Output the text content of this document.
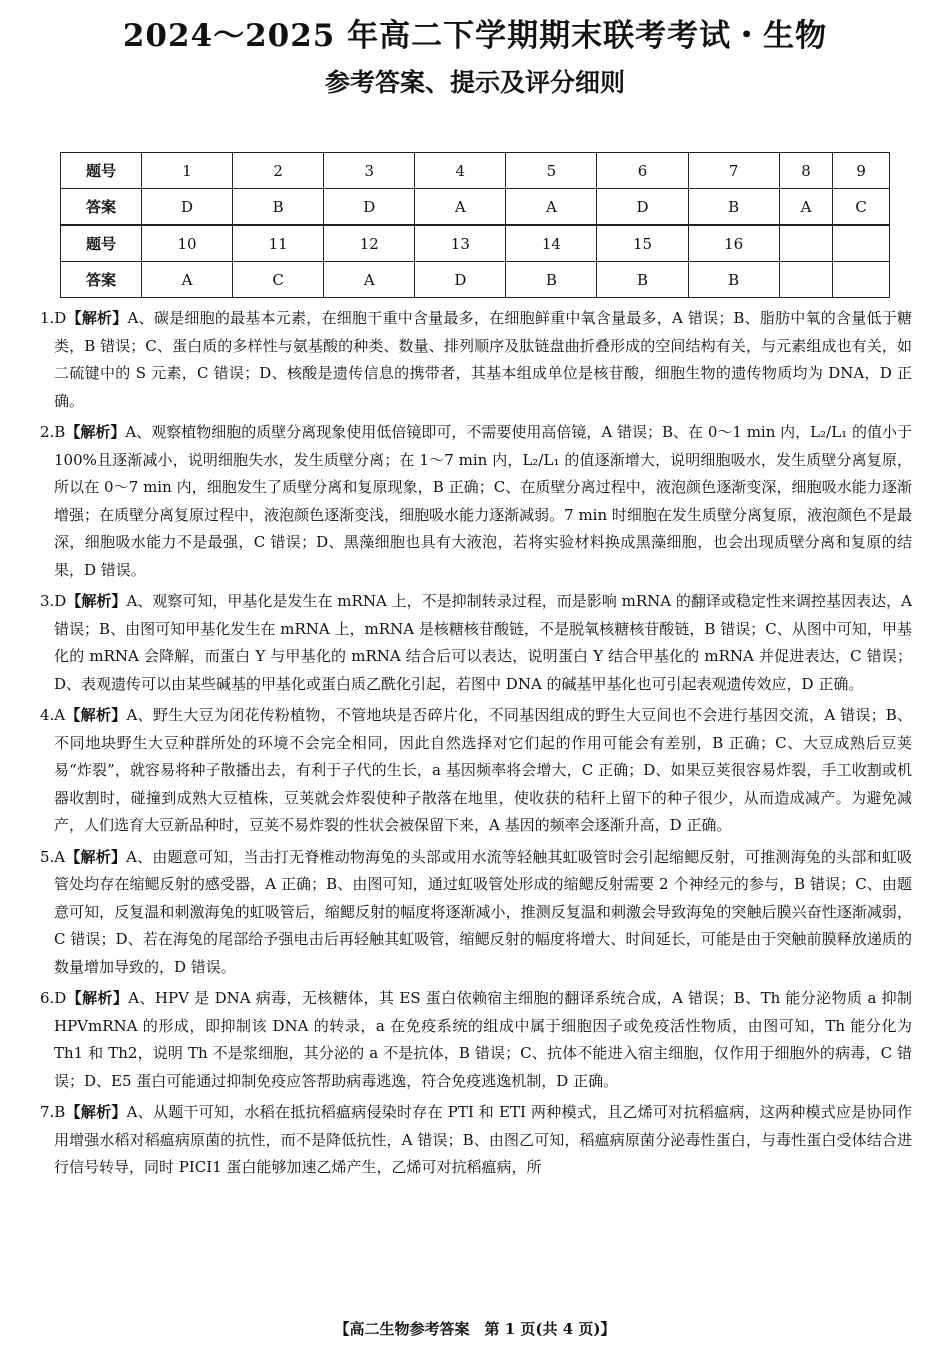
2024～2025 年高二下学期期末联考考试・生物
参考答案、提示及评分细则
题号	1	2	3	4	5	6	7	8	9
答案	D	B	D	A	A	D	B	A	C
题号	10	11	12	13	14	15	16		
答案	A	C	A	D	B	B	B		

1.D【解析】A、碳是细胞的最基本元素，在细胞干重中含量最多，在细胞鲜重中氧含量最多，A 错误；B、脂肪中氧的含量低于糖类，B 错误；C、蛋白质的多样性与氨基酸的种类、数量、排列顺序及肽链盘曲折叠形成的空间结构有关，与元素组成也有关，如二硫键中的 S 元素，C 错误；D、核酸是遗传信息的携带者，其基本组成单位是核苷酸，细胞生物的遗传物质均为 DNA，D 正确。

2.B【解析】A、观察植物细胞的质壁分离现象使用低倍镜即可，不需要使用高倍镜，A 错误；B、在 0～1 min 内，L₂/L₁ 的值小于 100%且逐渐减小，说明细胞失水，发生质壁分离；在 1～7 min 内，L₂/L₁ 的值逐渐增大，说明细胞吸水，发生质壁分离复原，所以在 0～7 min 内，细胞发生了质壁分离和复原现象，B 正确；C、在质壁分离过程中，液泡颜色逐渐变深，细胞吸水能力逐渐增强；在质壁分离复原过程中，液泡颜色逐渐变浅，细胞吸水能力逐渐减弱。7 min 时细胞在发生质壁分离复原，液泡颜色不是最深，细胞吸水能力不是最强，C 错误；D、黑藻细胞也具有大液泡，若将实验材料换成黑藻细胞，也会出现质壁分离和复原的结果，D 错误。

3.D【解析】A、观察可知，甲基化是发生在 mRNA 上，不是抑制转录过程，而是影响 mRNA 的翻译或稳定性来调控基因表达，A 错误；B、由图可知甲基化发生在 mRNA 上，mRNA 是核糖核苷酸链，不是脱氧核糖核苷酸链，B 错误；C、从图中可知，甲基化的 mRNA 会降解，而蛋白 Y 与甲基化的 mRNA 结合后可以表达，说明蛋白 Y 结合甲基化的 mRNA 并促进表达，C 错误；D、表观遗传可以由某些碱基的甲基化或蛋白质乙酰化引起，若图中 DNA 的碱基甲基化也可引起表观遗传效应，D 正确。

4.A【解析】A、野生大豆为闭花传粉植物，不管地块是否碎片化，不同基因组成的野生大豆间也不会进行基因交流，A 错误；B、不同地块野生大豆种群所处的环境不会完全相同，因此自然选择对它们起的作用可能会有差别，B 正确；C、大豆成熟后豆荚易“炸裂”，就容易将种子散播出去，有利于子代的生长，a 基因频率将会增大，C 正确；D、如果豆荚很容易炸裂，手工收割或机器收割时，碰撞到成熟大豆植株，豆荚就会炸裂使种子散落在地里，使收获的秸秆上留下的种子很少，从而造成减产。为避免减产，人们选育大豆新品种时，豆荚不易炸裂的性状会被保留下来，A 基因的频率会逐渐升高，D 正确。

5.A【解析】A、由题意可知，当击打无脊椎动物海兔的头部或用水流等轻触其虹吸管时会引起缩鳃反射，可推测海兔的头部和虹吸管处均存在缩鳃反射的感受器，A 正确；B、由图可知，通过虹吸管处形成的缩鳃反射需要 2 个神经元的参与，B 错误；C、由题意可知，反复温和刺激海兔的虹吸管后，缩鳃反射的幅度将逐渐减小，推测反复温和刺激会导致海兔的突触后膜兴奋性逐渐减弱，C 错误；D、若在海兔的尾部给予强电击后再轻触其虹吸管，缩鳃反射的幅度将增大、时间延长，可能是由于突触前膜释放递质的数量增加导致的，D 错误。

6.D【解析】A、HPV 是 DNA 病毒，无核糖体，其 ES 蛋白依赖宿主细胞的翻译系统合成，A 错误；B、Th 能分泌物质 a 抑制 HPVmRNA 的形成，即抑制该 DNA 的转录，a 在免疫系统的组成中属于细胞因子或免疫活性物质，由图可知，Th 能分化为 Th1 和 Th2，说明 Th 不是浆细胞，其分泌的 a 不是抗体，B 错误；C、抗体不能进入宿主细胞，仅作用于细胞外的病毒，C 错误；D、E5 蛋白可能通过抑制免疫应答帮助病毒逃逸，符合免疫逃逸机制，D 正确。

7.B【解析】A、从题干可知，水稻在抵抗稻瘟病侵染时存在 PTI 和 ETI 两种模式，且乙烯可对抗稻瘟病，这两种模式应是协同作用增强水稻对稻瘟病原菌的抗性，而不是降低抗性，A 错误；B、由图乙可知，稻瘟病原菌分泌毒性蛋白，与毒性蛋白受体结合进行信号转导，同时 PICI1 蛋白能够加速乙烯产生，乙烯可对抗稻瘟病，所

【高二生物参考答案　第 1 页(共 4 页)】
